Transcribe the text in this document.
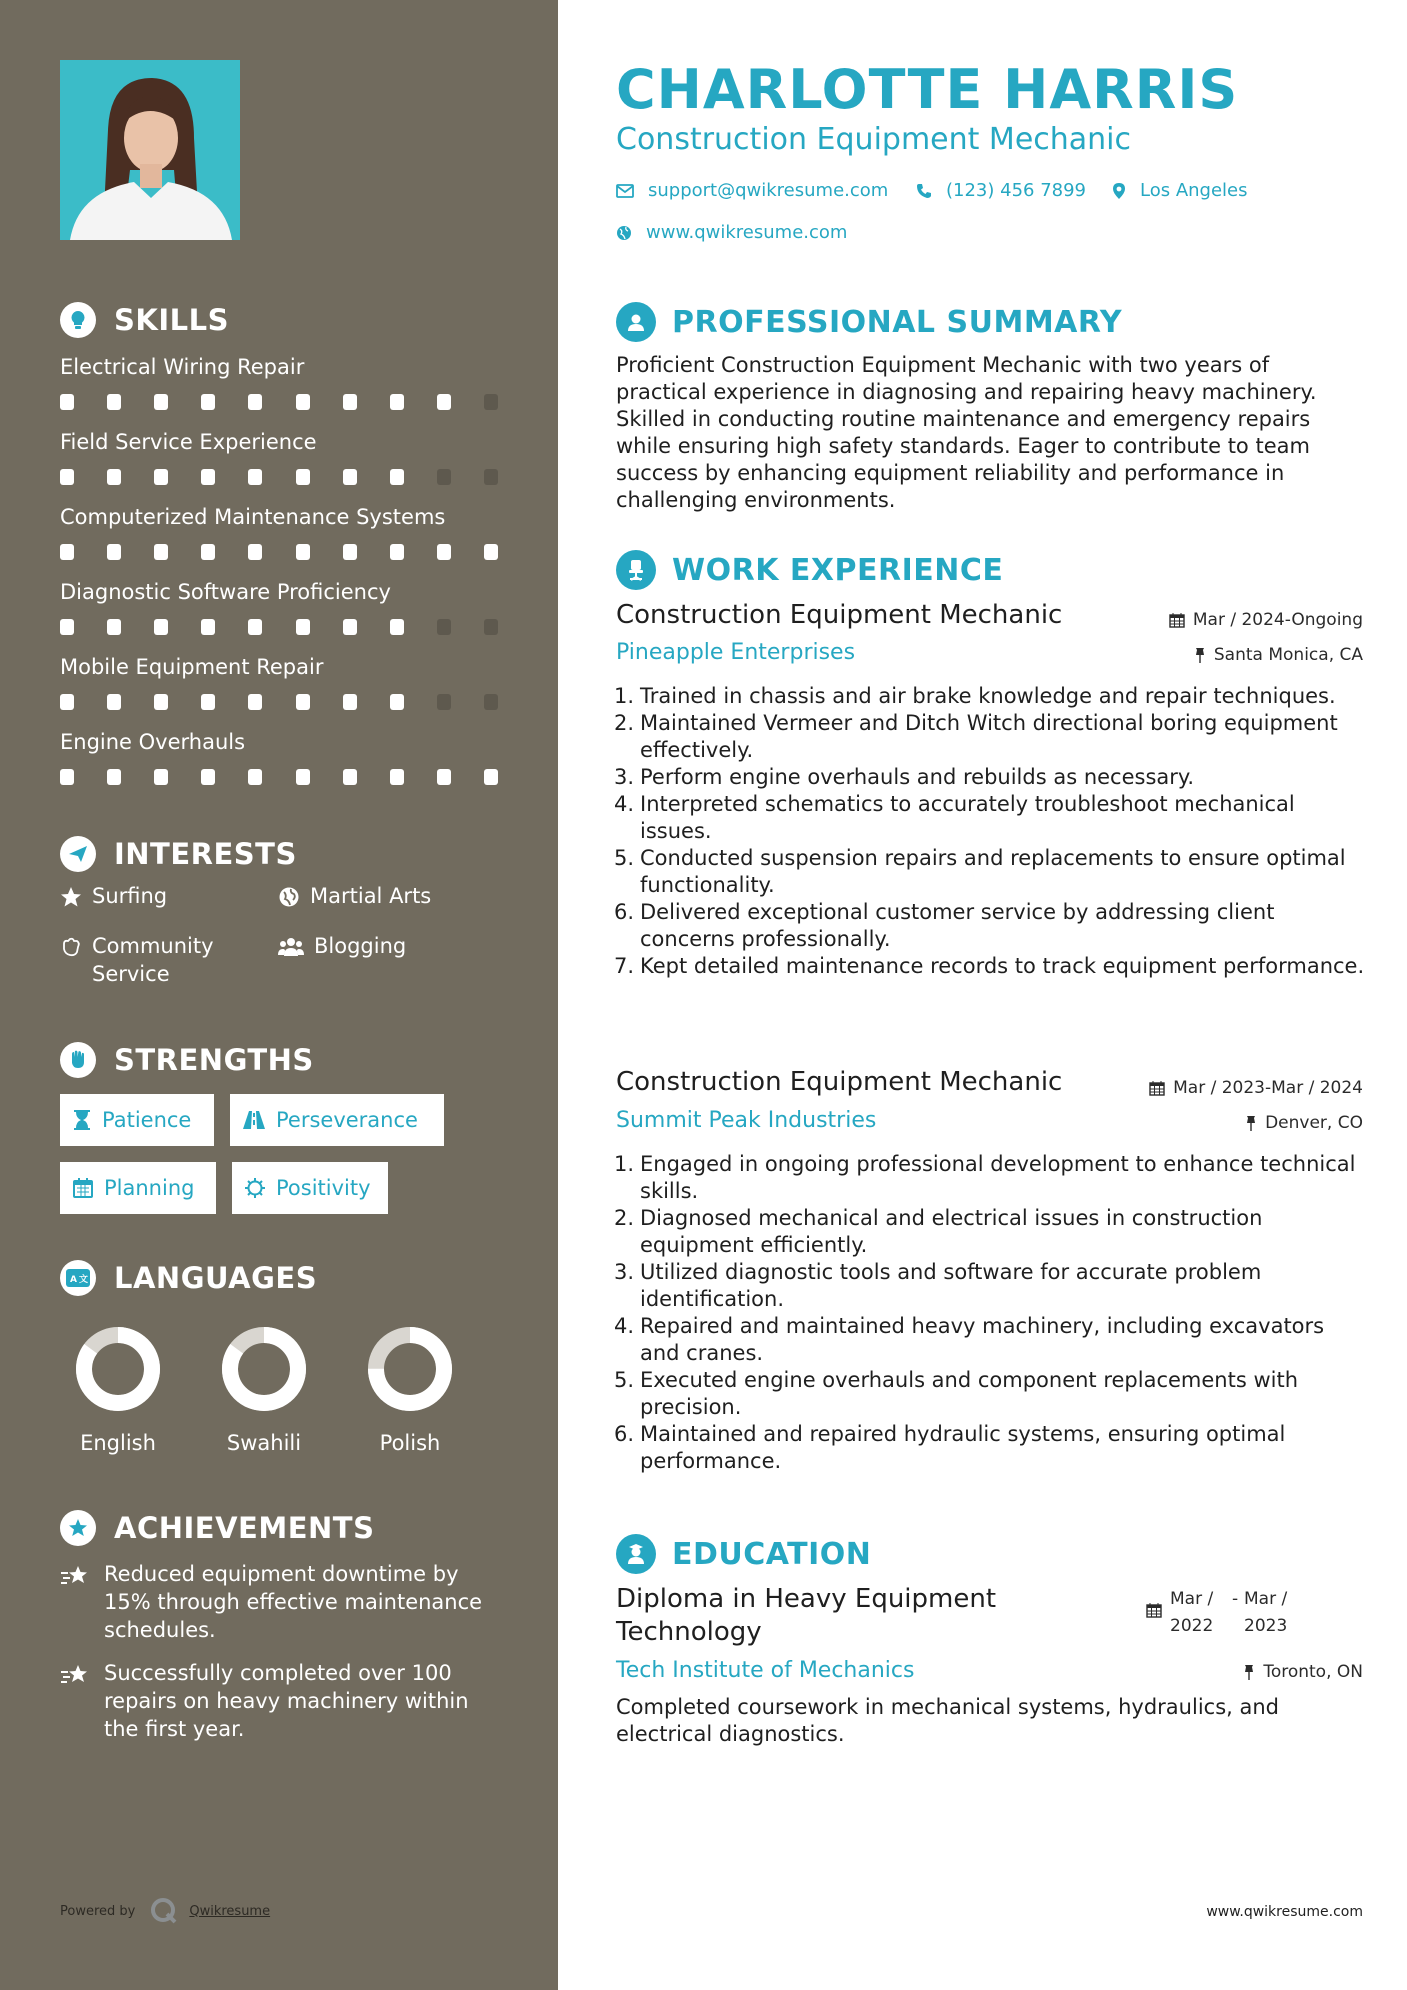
SKILLS
Electrical Wiring Repair
Field Service Experience
Computerized Maintenance Systems
Diagnostic Software Proficiency
Mobile Equipment Repair
Engine Overhauls
INTERESTS
Surfing	Martial Arts
Community Service
Blogging
STRENGTHS
Patience	Perseverance
Planning	Positivity
A 文 LANGUAGES
English	Swahili	Polish
ACHIEVEMENTS
Reduced equipment downtime by 15% through effective maintenance schedules.
Successfully completed over 100 repairs on heavy machinery within the first year.
Powered by	Qwikresume
CHARLOTTE HARRIS
Construction Equipment Mechanic
support@qwikresume.com	(123) 456 7899	Los Angeles
www.qwikresume.com
PROFESSIONAL SUMMARY
Proficient Construction Equipment Mechanic with two years of practical experience in diagnosing and repairing heavy machinery. Skilled in conducting routine maintenance and emergency repairs while ensuring high safety standards. Eager to contribute to team success by enhancing equipment reliability and performance in challenging environments.
WORK EXPERIENCE
Construction Equipment Mechanic	Mar / 2024-Ongoing
Pineapple Enterprises	Santa Monica, CA
1. Trained in chassis and air brake knowledge and repair techniques.
2. Maintained Vermeer and Ditch Witch directional boring equipment effectively.
3. Perform engine overhauls and rebuilds as necessary.
4. Interpreted schematics to accurately troubleshoot mechanical issues.
5. Conducted suspension repairs and replacements to ensure optimal functionality.
6. Delivered exceptional customer service by addressing client concerns professionally.
7. Kept detailed maintenance records to track equipment performance.
Construction Equipment Mechanic	Mar / 2023-Mar / 2024
Summit Peak Industries	Denver, CO
1. Engaged in ongoing professional development to enhance technical skills.
2. Diagnosed mechanical and electrical issues in construction equipment efficiently.
3. Utilized diagnostic tools and software for accurate problem identification.
4. Repaired and maintained heavy machinery, including excavators and cranes.
5. Executed engine overhauls and component replacements with precision.
6. Maintained and repaired hydraulic systems, ensuring optimal performance.
EDUCATION
Diploma in Heavy Equipment Technology
Mar / 2022
- Mar / 2023
Tech Institute of Mechanics	Toronto, ON
Completed coursework in mechanical systems, hydraulics, and electrical diagnostics.
www.qwikresume.com
